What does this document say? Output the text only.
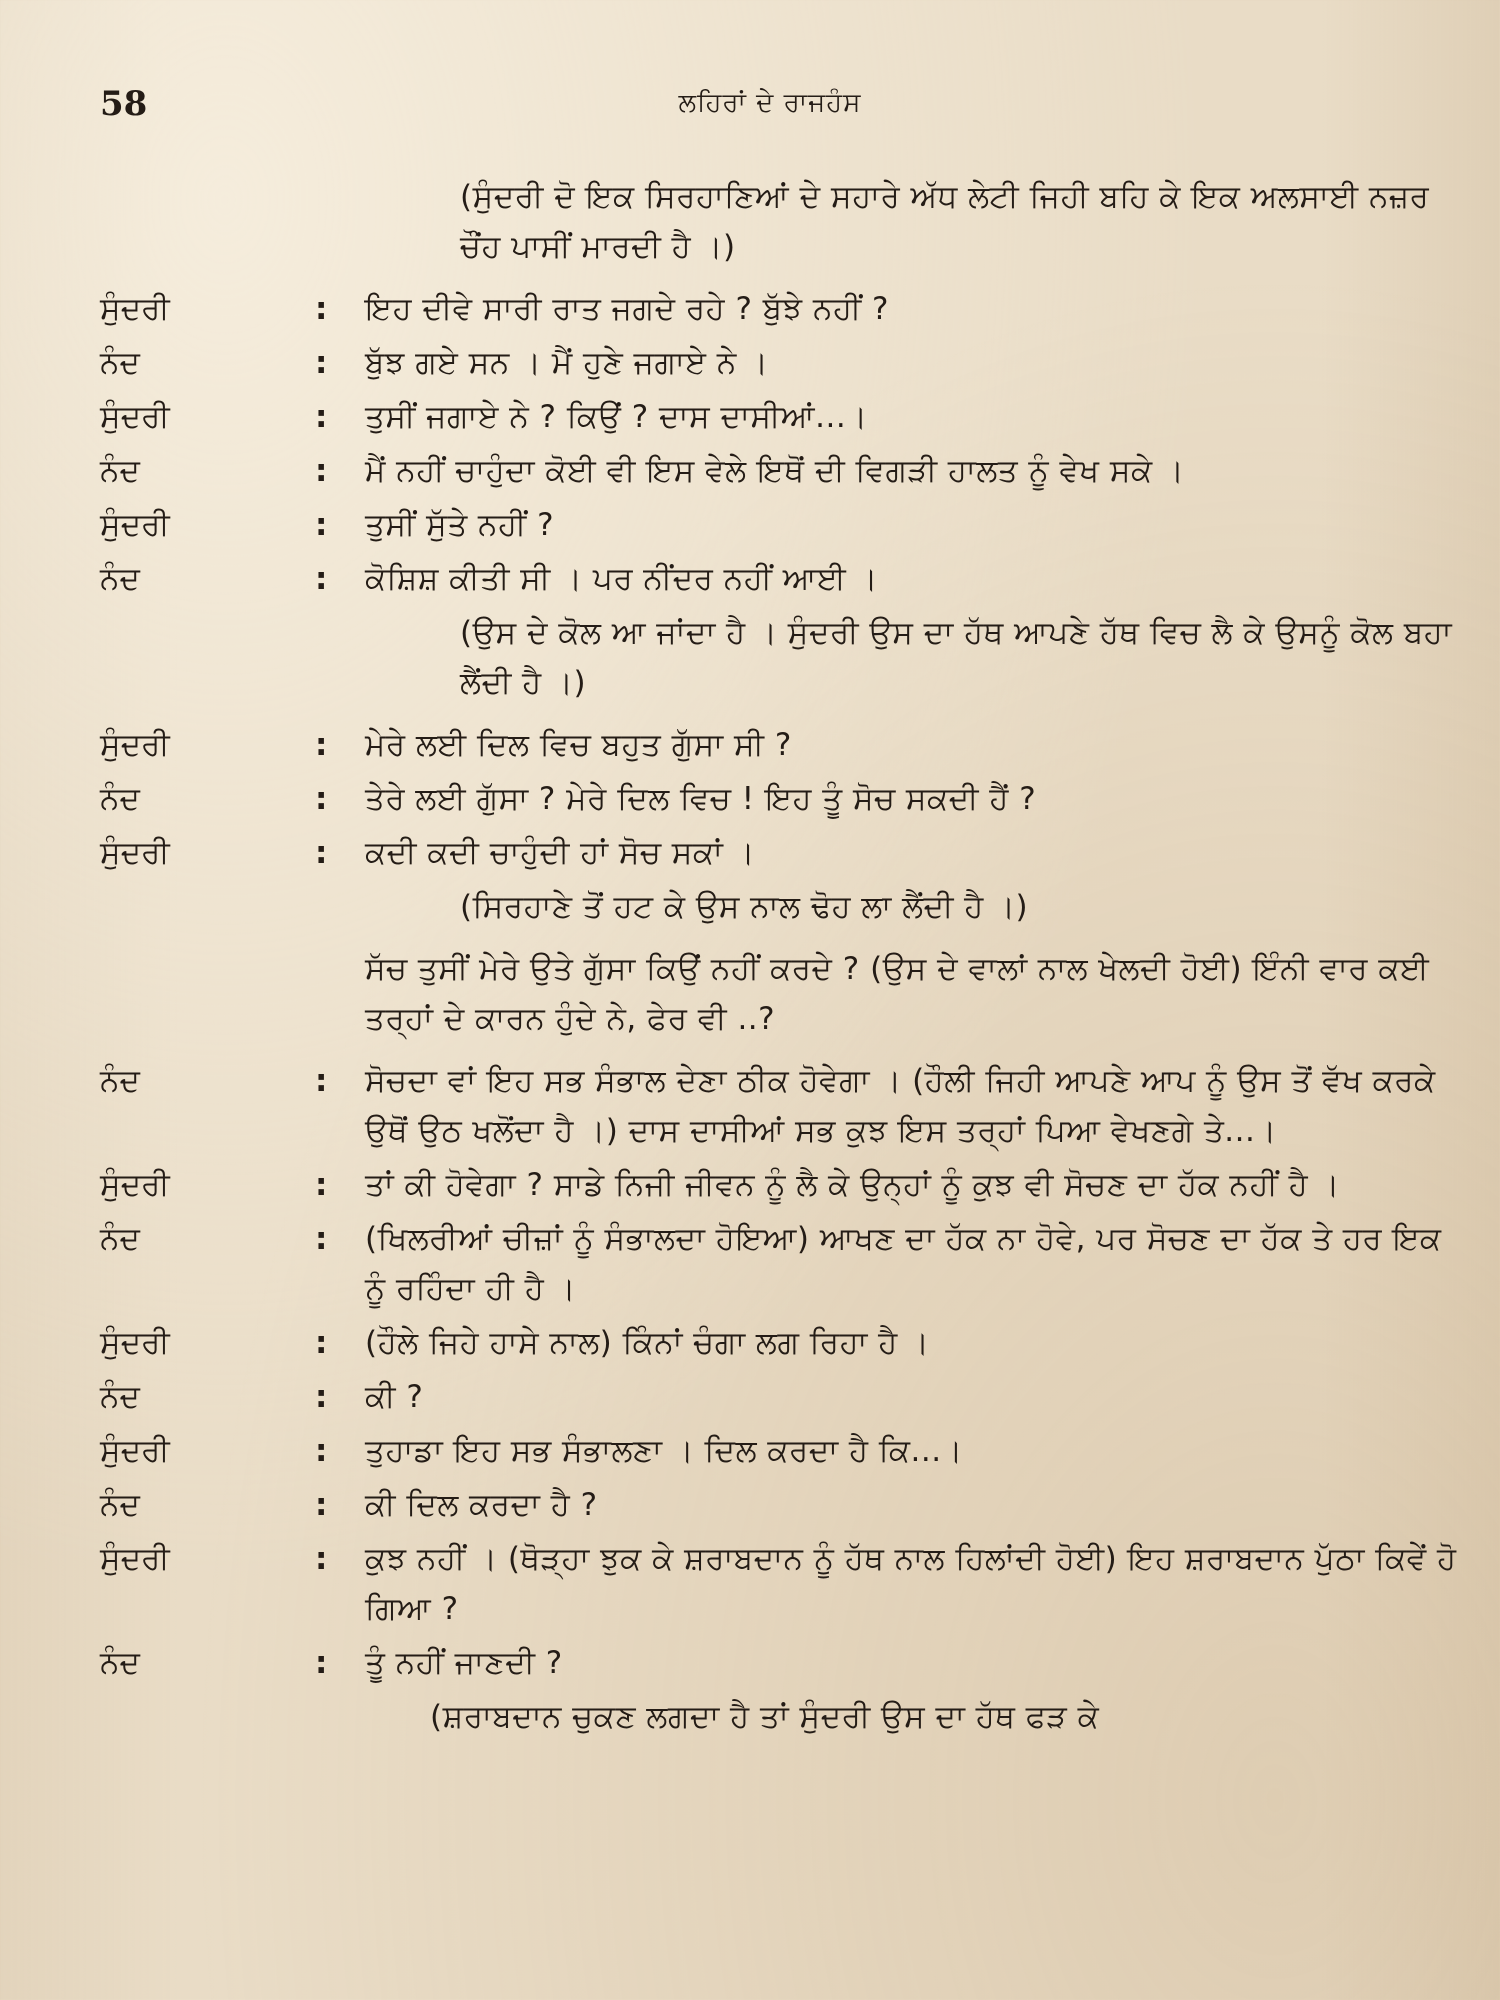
58	ਲਹਿਰਾਂ ਦੇ ਰਾਜਹੰਸ
(ਸੁੰਦਰੀ ਦੋ ਇਕ ਸਿਰਹਾਣਿਆਂ ਦੇ ਸਹਾਰੇ ਅੱਧ ਲੇਟੀ ਜਿਹੀ ਬਹਿ ਕੇ ਇਕ ਅਲਸਾਈ ਨਜ਼ਰ ਚੌਂਹ ਪਾਸੀਂ ਮਾਰਦੀ ਹੈ ।)
ਸੁੰਦਰੀ	:	ਇਹ ਦੀਵੇ ਸਾਰੀ ਰਾਤ ਜਗਦੇ ਰਹੇ ? ਬੁੱਝੇ ਨਹੀਂ ?
ਨੰਦ	:	ਬੁੱਝ ਗਏ ਸਨ । ਮੈਂ ਹੁਣੇ ਜਗਾਏ ਨੇ ।
ਸੁੰਦਰੀ	:	ਤੁਸੀਂ ਜਗਾਏ ਨੇ ? ਕਿਉਂ ? ਦਾਸ ਦਾਸੀਆਂ...।
ਨੰਦ	:	ਮੈਂ ਨਹੀਂ ਚਾਹੁੰਦਾ ਕੋਈ ਵੀ ਇਸ ਵੇਲੇ ਇਥੋਂ ਦੀ ਵਿਗੜੀ ਹਾਲਤ ਨੂੰ ਵੇਖ ਸਕੇ ।
ਸੁੰਦਰੀ	:	ਤੁਸੀਂ ਸੁੱਤੇ ਨਹੀਂ ?
ਨੰਦ	:	ਕੋਸ਼ਿਸ਼ ਕੀਤੀ ਸੀ । ਪਰ ਨੀਂਦਰ ਨਹੀਂ ਆਈ ।
(ਉਸ ਦੇ ਕੋਲ ਆ ਜਾਂਦਾ ਹੈ । ਸੁੰਦਰੀ ਉਸ ਦਾ ਹੱਥ ਆਪਣੇ ਹੱਥ ਵਿਚ ਲੈ ਕੇ ਉਸਨੂੰ ਕੋਲ ਬਹਾ ਲੈਂਦੀ ਹੈ ।)
ਸੁੰਦਰੀ	:	ਮੇਰੇ ਲਈ ਦਿਲ ਵਿਚ ਬਹੁਤ ਗੁੱਸਾ ਸੀ ?
ਨੰਦ	:	ਤੇਰੇ ਲਈ ਗੁੱਸਾ ? ਮੇਰੇ ਦਿਲ ਵਿਚ ! ਇਹ ਤੂੰ ਸੋਚ ਸਕਦੀ ਹੈਂ ?
ਸੁੰਦਰੀ	:	ਕਦੀ ਕਦੀ ਚਾਹੁੰਦੀ ਹਾਂ ਸੋਚ ਸਕਾਂ ।
(ਸਿਰਹਾਣੇ ਤੋਂ ਹਟ ਕੇ ਉਸ ਨਾਲ ਢੋਹ ਲਾ ਲੈਂਦੀ ਹੈ ।)
ਸੱਚ ਤੁਸੀਂ ਮੇਰੇ ਉਤੇ ਗੁੱਸਾ ਕਿਉਂ ਨਹੀਂ ਕਰਦੇ ? (ਉਸ ਦੇ ਵਾਲਾਂ ਨਾਲ ਖੇਲਦੀ ਹੋਈ) ਇੰਨੀ ਵਾਰ ਕਈ ਤਰ੍ਹਾਂ ਦੇ ਕਾਰਨ ਹੁੰਦੇ ਨੇ, ਫੇਰ ਵੀ ..?
ਨੰਦ	:	ਸੋਚਦਾ ਵਾਂ ਇਹ ਸਭ ਸੰਭਾਲ ਦੇਣਾ ਠੀਕ ਹੋਵੇਗਾ । (ਹੌਲੀ ਜਿਹੀ ਆਪਣੇ ਆਪ ਨੂੰ ਉਸ ਤੋਂ ਵੱਖ ਕਰਕੇ ਉਥੋਂ ਉਠ ਖਲੋਂਦਾ ਹੈ ।) ਦਾਸ ਦਾਸੀਆਂ ਸਭ ਕੁਝ ਇਸ ਤਰ੍ਹਾਂ ਪਿਆ ਵੇਖਣਗੇ ਤੇ...।
ਸੁੰਦਰੀ	:	ਤਾਂ ਕੀ ਹੋਵੇਗਾ ? ਸਾਡੇ ਨਿਜੀ ਜੀਵਨ ਨੂੰ ਲੈ ਕੇ ਉਨ੍ਹਾਂ ਨੂੰ ਕੁਝ ਵੀ ਸੋਚਣ ਦਾ ਹੱਕ ਨਹੀਂ ਹੈ ।
ਨੰਦ	:	(ਖਿਲਰੀਆਂ ਚੀਜ਼ਾਂ ਨੂੰ ਸੰਭਾਲਦਾ ਹੋਇਆ) ਆਖਣ ਦਾ ਹੱਕ ਨਾ ਹੋਵੇ, ਪਰ ਸੋਚਣ ਦਾ ਹੱਕ ਤੇ ਹਰ ਇਕ ਨੂੰ ਰਹਿੰਦਾ ਹੀ ਹੈ ।
ਸੁੰਦਰੀ	:	(ਹੌਲੇ ਜਿਹੇ ਹਾਸੇ ਨਾਲ) ਕਿੰਨਾਂ ਚੰਗਾ ਲਗ ਰਿਹਾ ਹੈ ।
ਨੰਦ	:	ਕੀ ?
ਸੁੰਦਰੀ	:	ਤੁਹਾਡਾ ਇਹ ਸਭ ਸੰਭਾਲਣਾ । ਦਿਲ ਕਰਦਾ ਹੈ ਕਿ...।
ਨੰਦ	:	ਕੀ ਦਿਲ ਕਰਦਾ ਹੈ ?
ਸੁੰਦਰੀ	:	ਕੁਝ ਨਹੀਂ । (ਥੋੜ੍ਹਾ ਝੁਕ ਕੇ ਸ਼ਰਾਬਦਾਨ ਨੂੰ ਹੱਥ ਨਾਲ ਹਿਲਾਂਦੀ ਹੋਈ) ਇਹ ਸ਼ਰਾਬਦਾਨ ਪੁੱਠਾ ਕਿਵੇਂ ਹੋ ਗਿਆ ?
ਨੰਦ	:	ਤੂੰ ਨਹੀਂ ਜਾਣਦੀ ?
(ਸ਼ਰਾਬਦਾਨ ਚੁਕਣ ਲਗਦਾ ਹੈ ਤਾਂ ਸੁੰਦਰੀ ਉਸ ਦਾ ਹੱਥ ਫੜ ਕੇ
